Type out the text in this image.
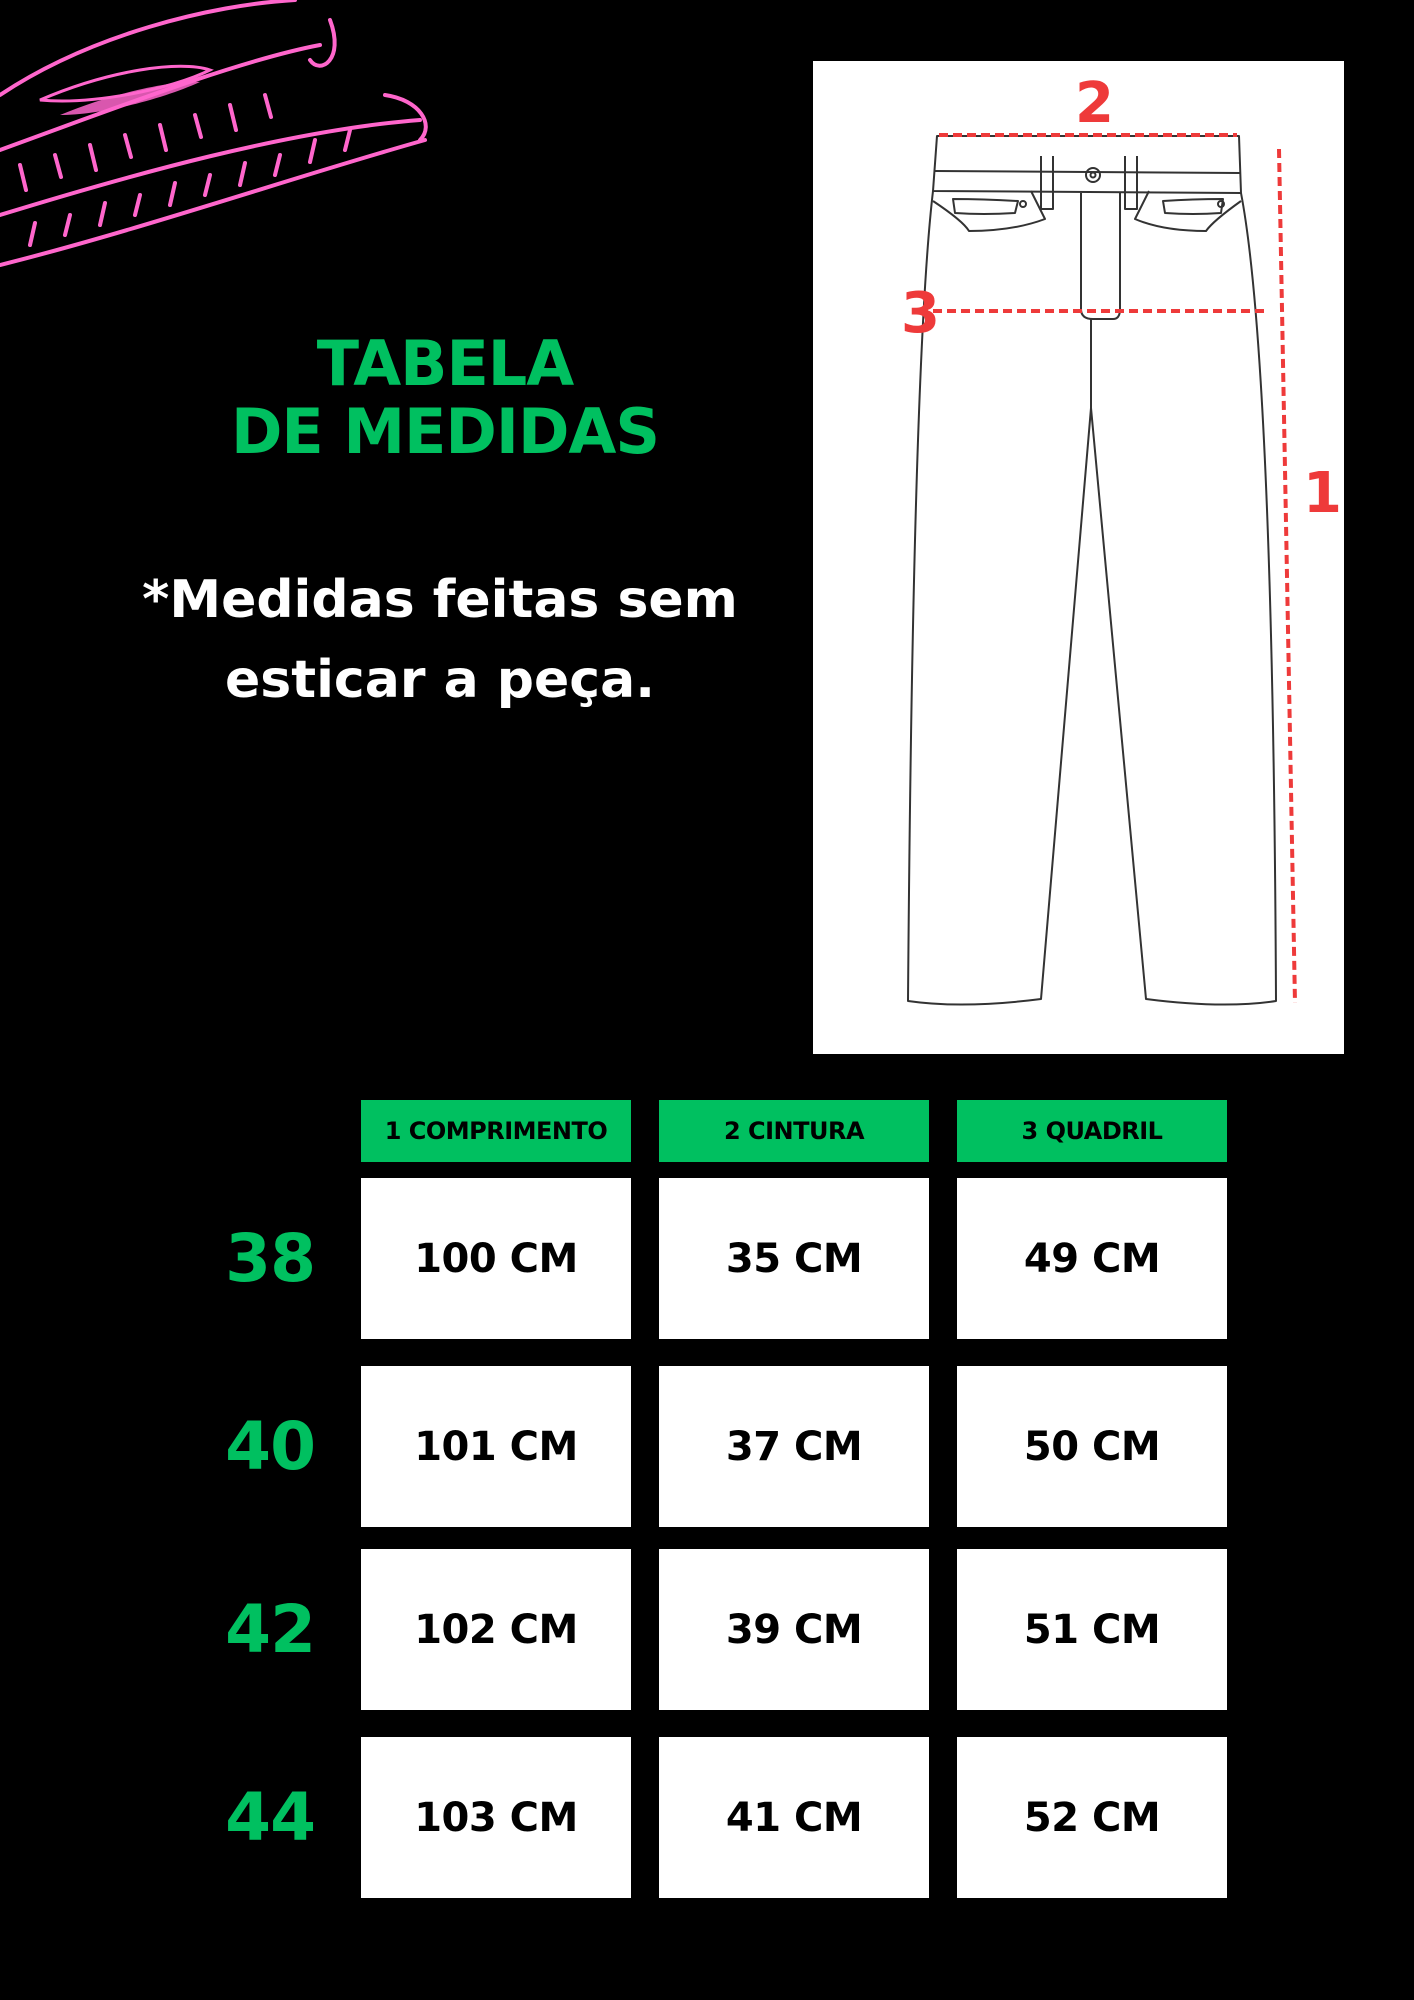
TABELA
DE MEDIDAS
*Medidas feitas sem
esticar a peça.
2
3
1
1 COMPRIMENTO	2 CINTURA	3 QUADRIL
38	100 CM	35 CM	49 CM
40	101 CM	37 CM	50 CM
42	102 CM	39 CM	51 CM
44	103 CM	41 CM	52 CM
